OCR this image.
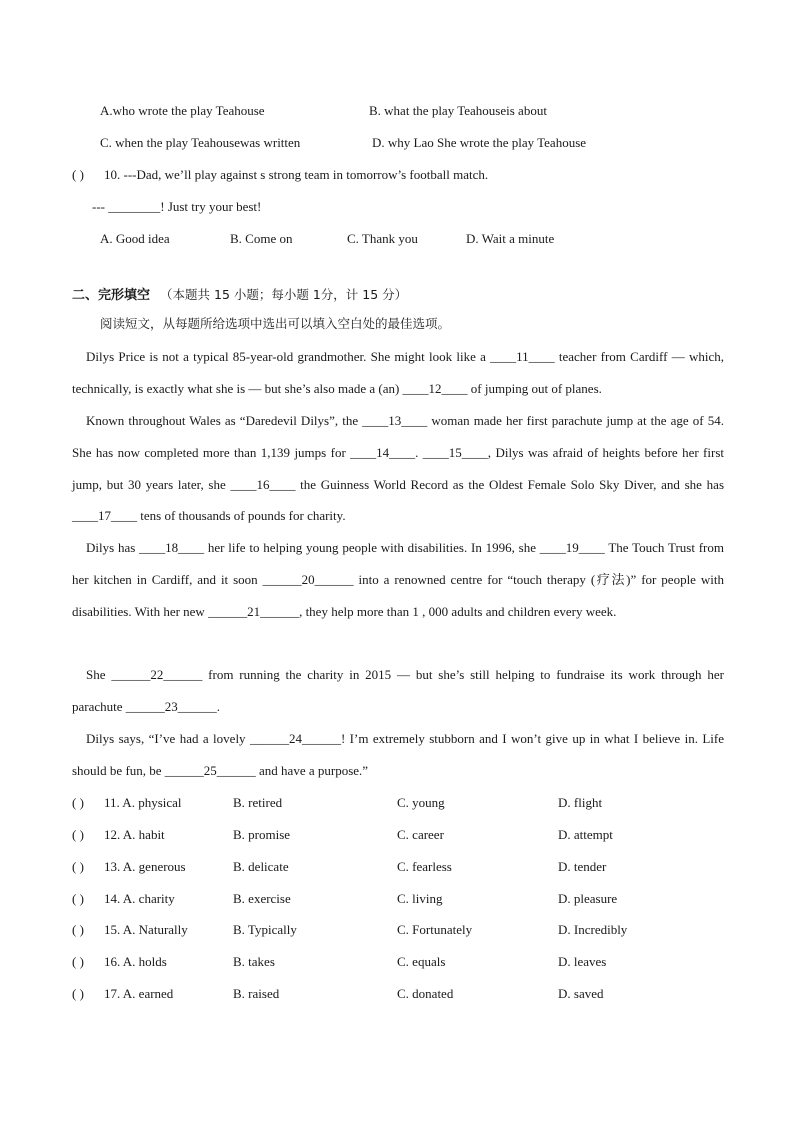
A.who wrote the play Teahouse	B. what the play Teahouseis about
C. when the play Teahousewas written	D. why Lao She wrote the play Teahouse
( ) 10. ---Dad, we’ll play against s strong team in tomorrow’s football match.
--- ________! Just try your best!
A. Good idea	B. Come on	C. Thank you	D. Wait a minute
二、完形填空 （本题共 15 小题；每小题 1分，计 15 分）
阅读短文，从每题所给选项中选出可以填入空白处的最佳选项。
Dilys Price is not a typical 85-year-old grandmother. She might look like a ____11____ teacher from Cardiff — which, technically, is exactly what she is — but she’s also made a (an) ____12____ of jumping out of planes.
Known throughout Wales as “Daredevil Dilys”, the ____13____ woman made her first parachute jump at the age of 54. She has now completed more than 1,139 jumps for ____14____. ____15____, Dilys was afraid of heights before her first jump, but 30 years later, she ____16____ the Guinness World Record as the Oldest Female Solo Sky Diver, and she has ____17____ tens of thousands of pounds for charity.
Dilys has ____18____ her life to helping young people with disabilities. In 1996, she ____19____ The Touch Trust from her kitchen in Cardiff, and it soon ______20______ into a renowned centre for “touch therapy (疗法)” for people with disabilities. With her new ______21______, they help more than 1 , 000 adults and children every week.
She ______22______ from running the charity in 2015 — but she’s still helping to fundraise its work through her parachute ______23______.
Dilys says, “I’ve had a lovely ______24______! I’m extremely stubborn and I won’t give up in what I believe in. Life should be fun, be ______25______ and have a purpose.”
( ) 11. A. physical	B. retired	C. young	D. flight
( ) 12. A. habit	B. promise	C. career	D. attempt
( ) 13. A. generous	B. delicate	C. fearless	D. tender
( ) 14. A. charity	B. exercise	C. living	D. pleasure
( ) 15. A. Naturally	B. Typically	C. Fortunately	D. Incredibly
( ) 16. A. holds	B. takes	C. equals	D. leaves
( ) 17. A. earned	B. raised	C. donated	D. saved
